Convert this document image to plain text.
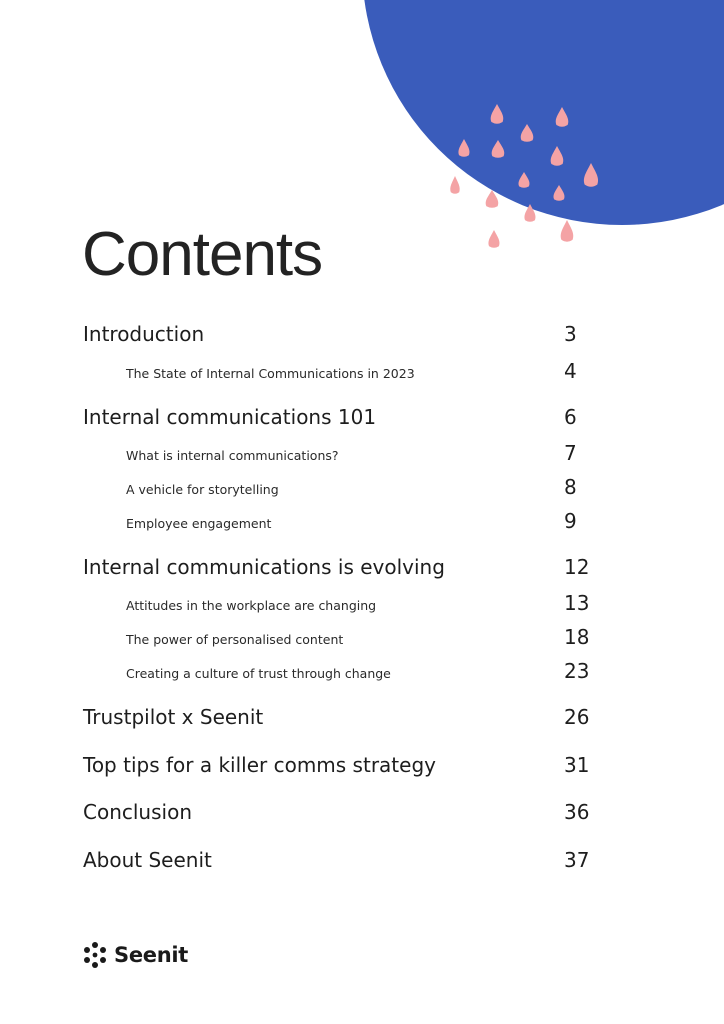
Contents
Introduction	3
The State of Internal Communications in 2023	4
Internal communications 101	6
What is internal communications?	7
A vehicle for storytelling	8
Employee engagement	9
Internal communications is evolving	12
Attitudes in the workplace are changing	13
The power of personalised content	18
Creating a culture of trust through change	23
Trustpilot x Seenit	26
Top tips for a killer comms strategy	31
Conclusion	36
About Seenit	37
Seenit
